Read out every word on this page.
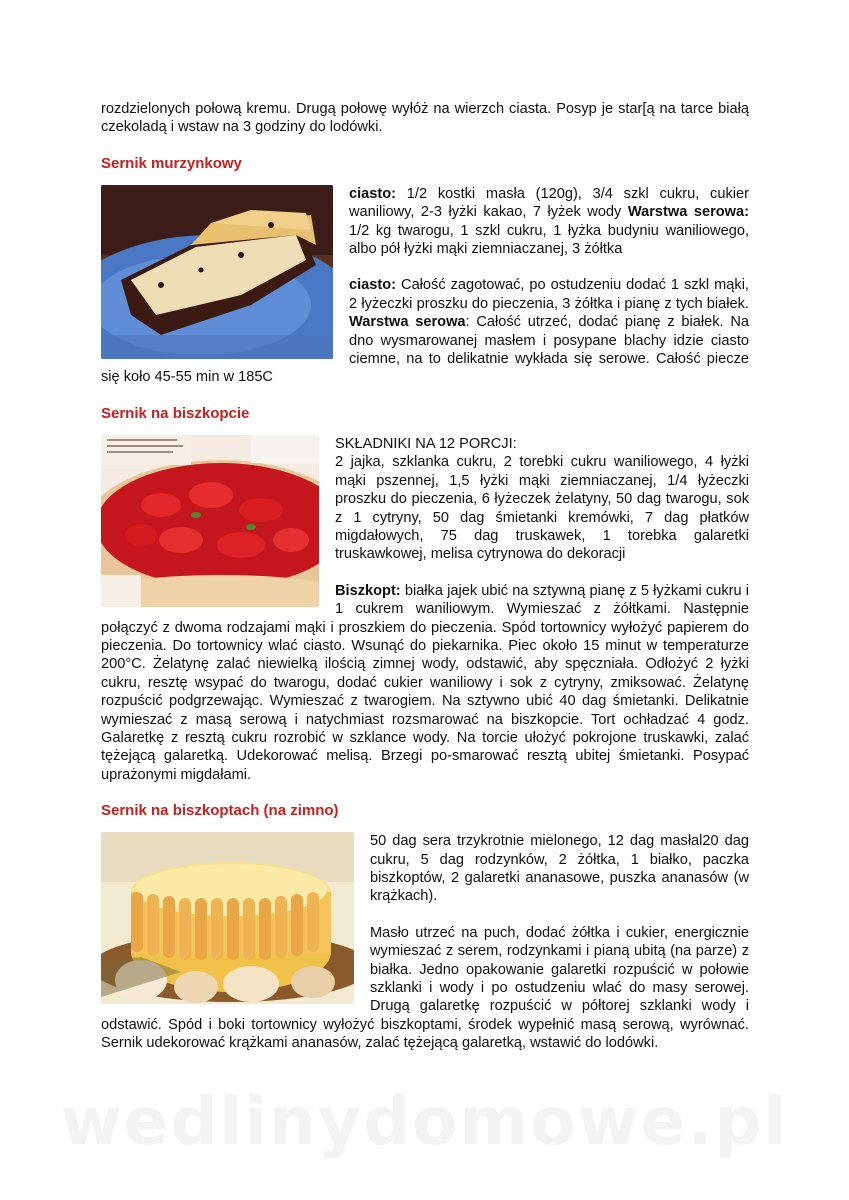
rozdzielonych połową kremu. Drugą połowę wyłóż na wierzch ciasta. Posyp je star[ą na tarce białą czekoladą i wstaw na 3 godziny do lodówki.

Sernik murzynkowy

ciasto: 1/2 kostki masła (120g), 3/4 szkl cukru, cukier waniliowy, 2-3 łyżki kakao, 7 łyżek wody Warstwa serowa: 1/2 kg twarogu, 1 szkl cukru, 1 łyżka budyniu waniliowego, albo pół łyżki mąki ziemniaczanej, 3 żółtka

ciasto: Całość zagotować, po ostudzeniu dodać 1 szkl mąki, 2 łyżeczki proszku do pieczenia, 3 żółtka i pianę z tych białek. Warstwa serowa: Całość utrzeć, dodać pianę z białek. Na dno wysmarowanej masłem i posypane blachy idzie ciasto ciemne, na to delikatnie wykłada się serowe. Całość piecze się koło 45-55 min w 185C

Sernik na biszkopcie

SKŁADNIKI NA 12 PORCJI:

2 jajka, szklanka cukru, 2 torebki cukru waniliowego, 4 łyżki mąki pszennej, 1,5 łyżki mąki ziemniaczanej, 1/4 łyżeczki proszku do pieczenia, 6 łyżeczek żelatyny, 50 dag twarogu, sok z 1 cytryny, 50 dag śmietanki kremówki, 7 dag płatków migdałowych, 75 dag truskawek, 1 torebka galaretki truskawkowej, melisa cytrynowa do dekoracji

Biszkopt: białka jajek ubić na sztywną pianę z 5 łyżkami cukru i 1 cukrem waniliowym. Wymieszać z żółtkami. Następnie połączyć z dwoma rodzajami mąki i proszkiem do pieczenia. Spód tortownicy wyłożyć papierem do pieczenia. Do tortownicy wlać ciasto. Wsunąć do piekarnika. Piec około 15 minut w temperaturze 200°C. Żelatynę zalać niewielką ilością zimnej wody, odstawić, aby spęczniała. Odłożyć 2 łyżki cukru, resztę wsypać do twarogu, dodać cukier waniliowy i sok z cytryny, zmiksować. Żelatynę rozpuścić podgrzewając. Wymieszać z twarogiem. Na sztywno ubić 40 dag śmietanki. Delikatnie wymieszać z masą serową i natychmiast rozsmarować na biszkopcie. Tort ochładzać 4 godz. Galaretkę z resztą cukru rozrobić w szklance wody. Na torcie ułożyć pokrojone truskawki, zalać tężejącą galaretką. Udekorować melisą. Brzegi po-smarować resztą ubitej śmietanki. Posypać uprażonymi migdałami.

Sernik na biszkoptach (na zimno)

50 dag sera trzykrotnie mielonego, 12 dag masłal20 dag cukru, 5 dag rodzynków, 2 żółtka, 1 białko, paczka biszkoptów, 2 galaretki ananasowe, puszka ananasów (w krążkach).

Masło utrzeć na puch, dodać żółtka i cukier, energicznie wymieszać z serem, rodzynkami i pianą ubitą (na parze) z białka. Jedno opakowanie galaretki rozpuścić w połowie szklanki i wody i po ostudzeniu wlać do masy serowej. Drugą galaretkę rozpuścić w półtorej szklanki wody i odstawić. Spód i boki tortownicy wyłożyć biszkoptami, środek wypełnić masą serową, wyrównać. Sernik udekorować krążkami ananasów, zalać tężejącą galaretką, wstawić do lodówki.

wedlinydomowe.pl
